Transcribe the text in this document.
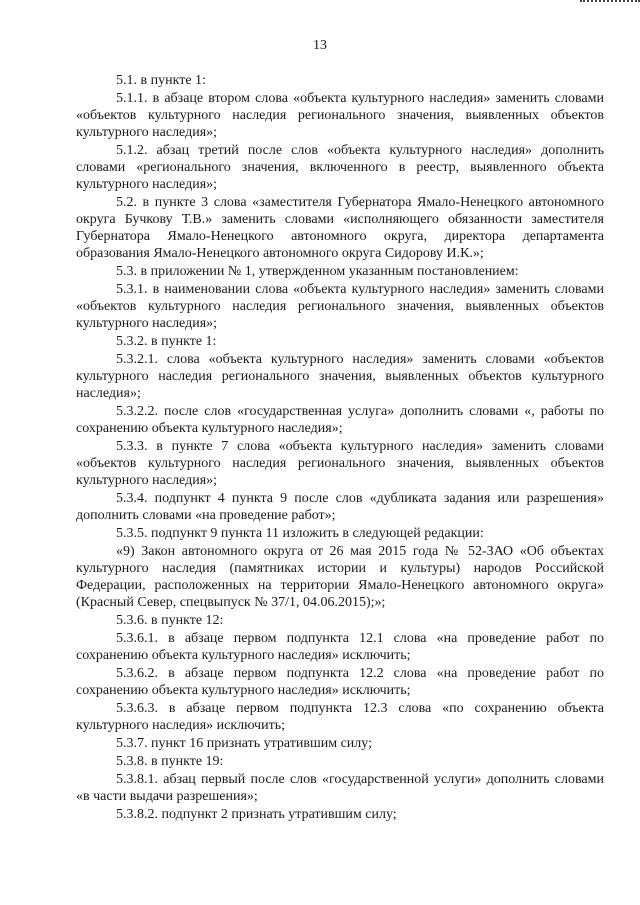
13

5.1. в пункте 1:

5.1.1. в абзаце втором слова «объекта культурного наследия» заменить словами «объектов культурного наследия регионального значения, выявленных объектов культурного наследия»;

5.1.2. абзац третий после слов «объекта культурного наследия» дополнить словами «регионального значения, включенного в реестр, выявленного объекта культурного наследия»;

5.2. в пункте 3 слова «заместителя Губернатора Ямало-Ненецкого автономного округа Бучкову Т.В.» заменить словами «исполняющего обязанности заместителя Губернатора Ямало-Ненецкого автономного округа, директора департамента образования Ямало-Ненецкого автономного округа Сидорову И.К.»;

5.3. в приложении № 1, утвержденном указанным постановлением:

5.3.1. в наименовании слова «объекта культурного наследия» заменить словами «объектов культурного наследия регионального значения, выявленных объектов культурного наследия»;

5.3.2. в пункте 1:

5.3.2.1. слова «объекта культурного наследия» заменить словами «объектов культурного наследия регионального значения, выявленных объектов культурного наследия»;

5.3.2.2. после слов «государственная услуга» дополнить словами «, работы по сохранению объекта культурного наследия»;

5.3.3. в пункте 7 слова «объекта культурного наследия» заменить словами «объектов культурного наследия регионального значения, выявленных объектов культурного наследия»;

5.3.4. подпункт 4 пункта 9 после слов «дубликата задания или разрешения» дополнить словами «на проведение работ»;

5.3.5. подпункт 9 пункта 11 изложить в следующей редакции:

«9) Закон автономного округа от 26 мая 2015 года № 52-ЗАО «Об объектах культурного наследия (памятниках истории и культуры) народов Российской Федерации, расположенных на территории Ямало-Ненецкого автономного округа» (Красный Север, спецвыпуск № 37/1, 04.06.2015);»;

5.3.6. в пункте 12:

5.3.6.1. в абзаце первом подпункта 12.1 слова «на проведение работ по сохранению объекта культурного наследия» исключить;

5.3.6.2. в абзаце первом подпункта 12.2 слова «на проведение работ по сохранению объекта культурного наследия» исключить;

5.3.6.3. в абзаце первом подпункта 12.3 слова «по сохранению объекта культурного наследия» исключить;

5.3.7. пункт 16 признать утратившим силу;

5.3.8. в пункте 19:

5.3.8.1. абзац первый после слов «государственной услуги» дополнить словами «в части выдачи разрешения»;

5.3.8.2. подпункт 2 признать утратившим силу;
